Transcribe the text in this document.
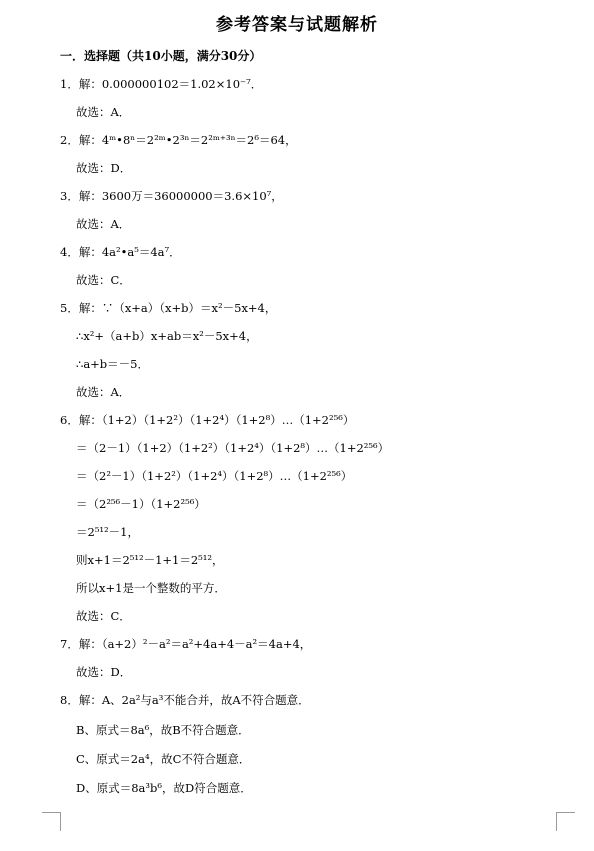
参考答案与试题解析
一．选择题（共10小题，满分30分）
1．解：0.000000102＝1.02×10⁻⁷．
故选：A．
2．解：4ᵐ•8ⁿ＝2²ᵐ•2³ⁿ＝2²ᵐ⁺³ⁿ＝2⁶＝64，
故选：D．
3．解：3600万＝36000000＝3.6×10⁷，
故选：A．
4．解：4a²•a⁵＝4a⁷．
故选：C．
5．解：∵（x+a）（x+b）＝x²－5x+4，
∴x²+（a+b）x+ab＝x²－5x+4，
∴a+b＝－5．
故选：A．
6．解：（1+2）（1+2²）（1+2⁴）（1+2⁸）…（1+2²⁵⁶）
＝（2－1）（1+2）（1+2²）（1+2⁴）（1+2⁸）…（1+2²⁵⁶）
＝（2²－1）（1+2²）（1+2⁴）（1+2⁸）…（1+2²⁵⁶）
＝（2²⁵⁶－1）（1+2²⁵⁶）
＝2⁵¹²－1，
则x+1＝2⁵¹²－1+1＝2⁵¹²，
所以x+1是一个整数的平方．
故选：C．
7．解：（a+2）²－a²＝a²+4a+4－a²＝4a+4，
故选：D．
8．解：A、2a²与a³不能合并，故A不符合题意．
B、原式＝8a⁶，故B不符合题意．
C、原式＝2a⁴，故C不符合题意．
D、原式＝8a³b⁶，故D符合题意．
